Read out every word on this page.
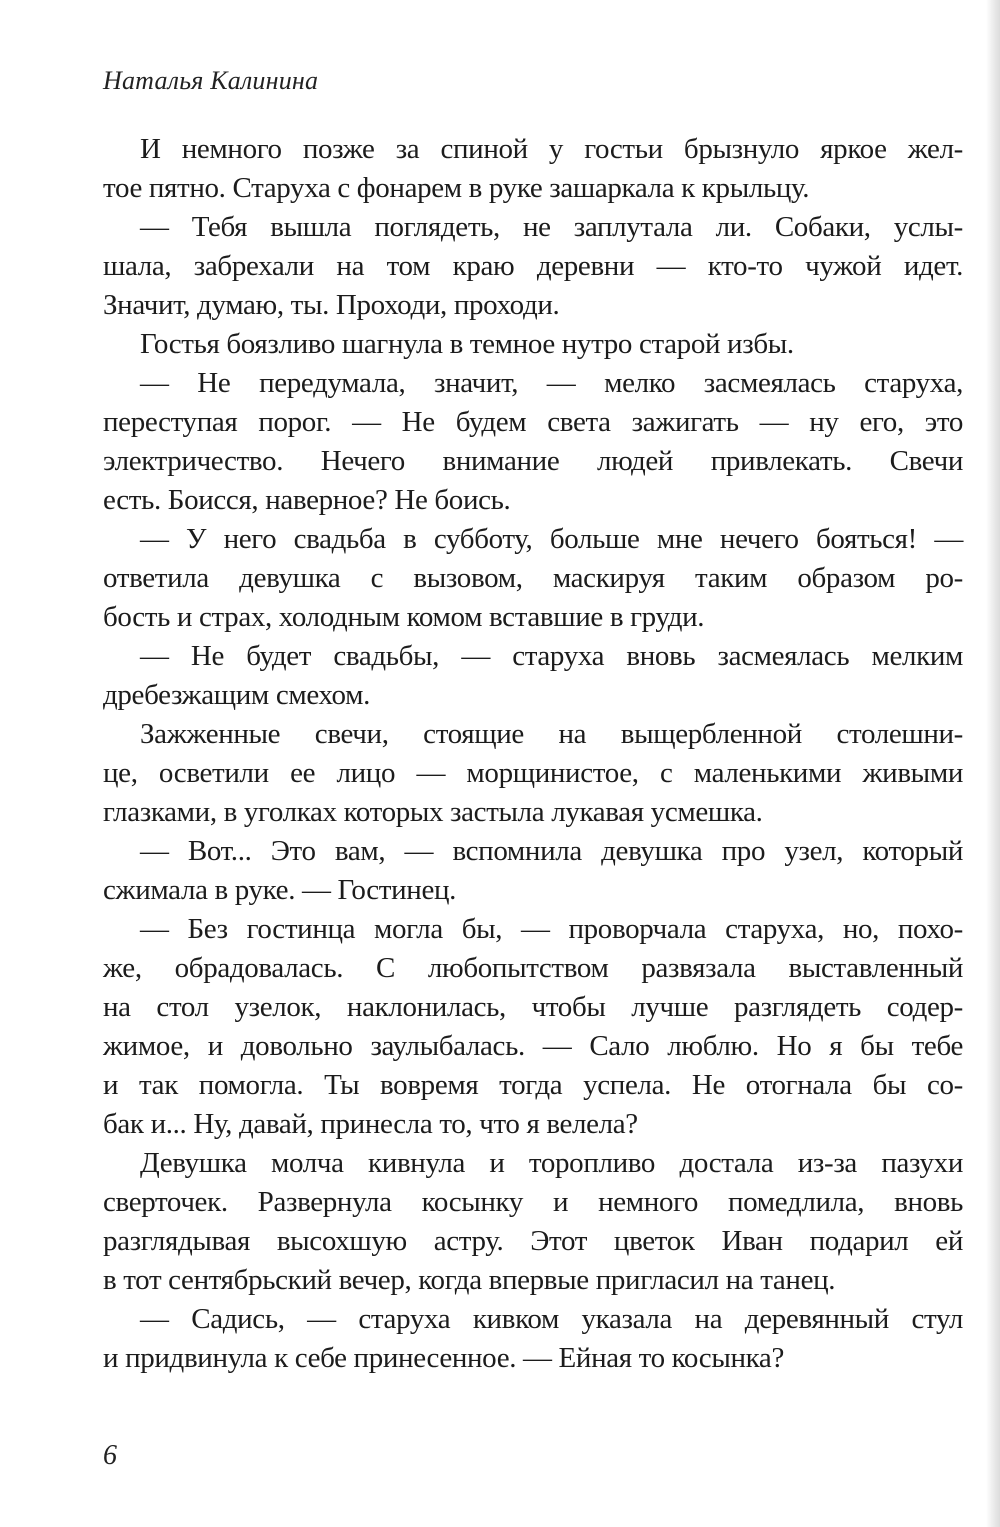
Наталья Калинина
И немного позже за спиной у гостьи брызнуло яркое жел-
тое пятно. Старуха с фонарем в руке зашаркала к крыльцу.
— Тебя вышла поглядеть, не заплутала ли. Собаки, услы-
шала, забрехали на том краю деревни — кто-то чужой идет.
Значит, думаю, ты. Проходи, проходи.
Гостья боязливо шагнула в темное нутро старой избы.
— Не передумала, значит, — мелко засмеялась старуха,
переступая порог. — Не будем света зажигать — ну его, это
электричество. Нечего внимание людей привлекать. Свечи
есть. Боисся, наверное? Не боись.
— У него свадьба в субботу, больше мне нечего бояться! —
ответила девушка с вызовом, маскируя таким образом ро-
бость и страх, холодным комом вставшие в груди.
— Не будет свадьбы, — старуха вновь засмеялась мелким
дребезжащим смехом.
Зажженные свечи, стоящие на выщербленной столешни-
це, осветили ее лицо — морщинистое, с маленькими живыми
глазками, в уголках которых застыла лукавая усмешка.
— Вот... Это вам, — вспомнила девушка про узел, который
сжимала в руке. — Гостинец.
— Без гостинца могла бы, — проворчала старуха, но, похо-
же, обрадовалась. С любопытством развязала выставленный
на стол узелок, наклонилась, чтобы лучше разглядеть содер-
жимое, и довольно заулыбалась. — Сало люблю. Но я бы тебе
и так помогла. Ты вовремя тогда успела. Не отогнала бы со-
бак и... Ну, давай, принесла то, что я велела?
Девушка молча кивнула и торопливо достала из-за пазухи
сверточек. Развернула косынку и немного помедлила, вновь
разглядывая высохшую астру. Этот цветок Иван подарил ей
в тот сентябрьский вечер, когда впервые пригласил на танец.
— Садись, — старуха кивком указала на деревянный стул
и придвинула к себе принесенное. — Ейная то косынка?
6
